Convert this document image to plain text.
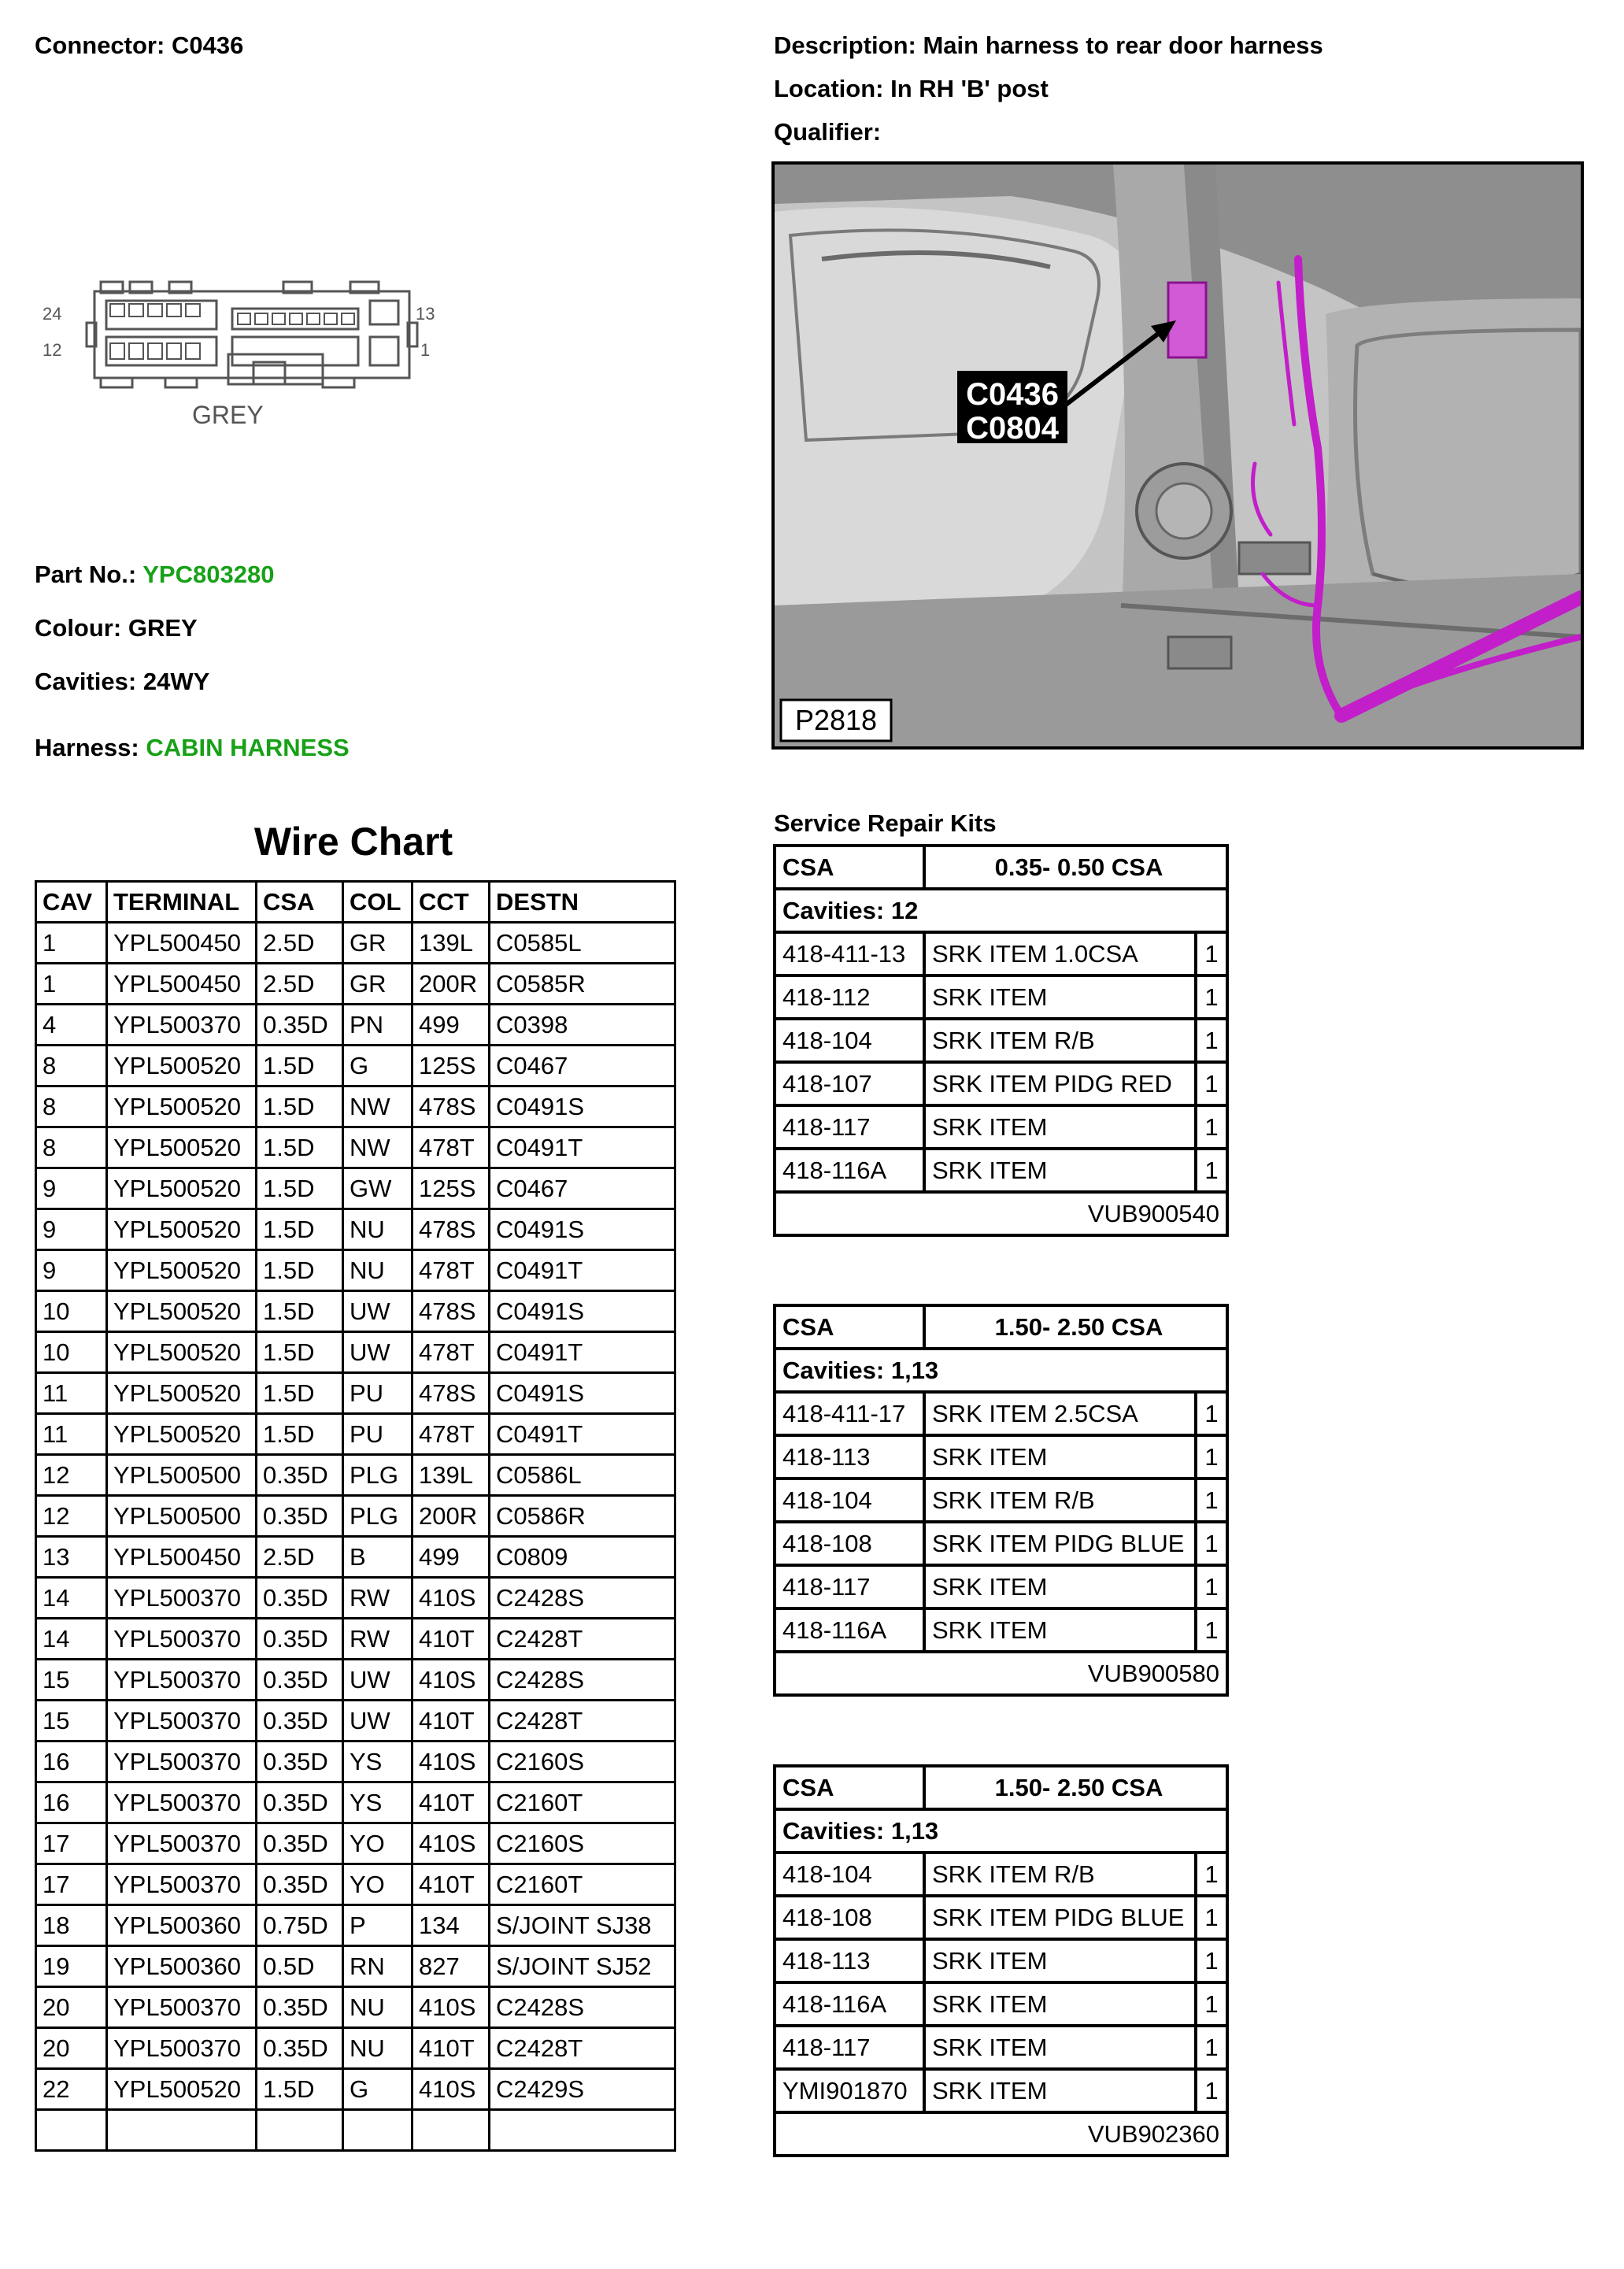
Connector: C0436	Description: Main harness to rear door harness
Location: In RH 'B' post
Qualifier:
24
12
13
1
GREY
Part No.: YPC803280
Colour: GREY
Cavities: 24WY
Harness: CABIN HARNESS
C0436
C0804
P2818
Wire Chart
CAV	TERMINAL	CSA	COL	CCT	DESTN
1	YPL500450	2.5D	GR	139L	C0585L
1	YPL500450	2.5D	GR	200R	C0585R
4	YPL500370	0.35D	PN	499	C0398
8	YPL500520	1.5D	G	125S	C0467
8	YPL500520	1.5D	NW	478S	C0491S
8	YPL500520	1.5D	NW	478T	C0491T
9	YPL500520	1.5D	GW	125S	C0467
9	YPL500520	1.5D	NU	478S	C0491S
9	YPL500520	1.5D	NU	478T	C0491T
10	YPL500520	1.5D	UW	478S	C0491S
10	YPL500520	1.5D	UW	478T	C0491T
11	YPL500520	1.5D	PU	478S	C0491S
11	YPL500520	1.5D	PU	478T	C0491T
12	YPL500500	0.35D	PLG	139L	C0586L
12	YPL500500	0.35D	PLG	200R	C0586R
13	YPL500450	2.5D	B	499	C0809
14	YPL500370	0.35D	RW	410S	C2428S
14	YPL500370	0.35D	RW	410T	C2428T
15	YPL500370	0.35D	UW	410S	C2428S
15	YPL500370	0.35D	UW	410T	C2428T
16	YPL500370	0.35D	YS	410S	C2160S
16	YPL500370	0.35D	YS	410T	C2160T
17	YPL500370	0.35D	YO	410S	C2160S
17	YPL500370	0.35D	YO	410T	C2160T
18	YPL500360	0.75D	P	134	S/JOINT SJ38
19	YPL500360	0.5D	RN	827	S/JOINT SJ52
20	YPL500370	0.35D	NU	410S	C2428S
20	YPL500370	0.35D	NU	410T	C2428T
22	YPL500520	1.5D	G	410S	C2429S

Service Repair Kits
CSA	0.35- 0.50 CSA	
Cavities: 12		
418-411-13	SRK ITEM 1.0CSA	1
418-112	SRK ITEM	1
418-104	SRK ITEM R/B	1
418-107	SRK ITEM PIDG RED	1
418-117	SRK ITEM	1
418-116A	SRK ITEM	1
VUB900540		
CSA	1.50- 2.50 CSA	
Cavities: 1,13		
418-411-17	SRK ITEM 2.5CSA	1
418-113	SRK ITEM	1
418-104	SRK ITEM R/B	1
418-108	SRK ITEM PIDG BLUE	1
418-117	SRK ITEM	1
418-116A	SRK ITEM	1
VUB900580		
CSA	1.50- 2.50 CSA	
Cavities: 1,13		
418-104	SRK ITEM R/B	1
418-108	SRK ITEM PIDG BLUE	1
418-113	SRK ITEM	1
418-116A	SRK ITEM	1
418-117	SRK ITEM	1
YMI901870	SRK ITEM	1
VUB902360		
